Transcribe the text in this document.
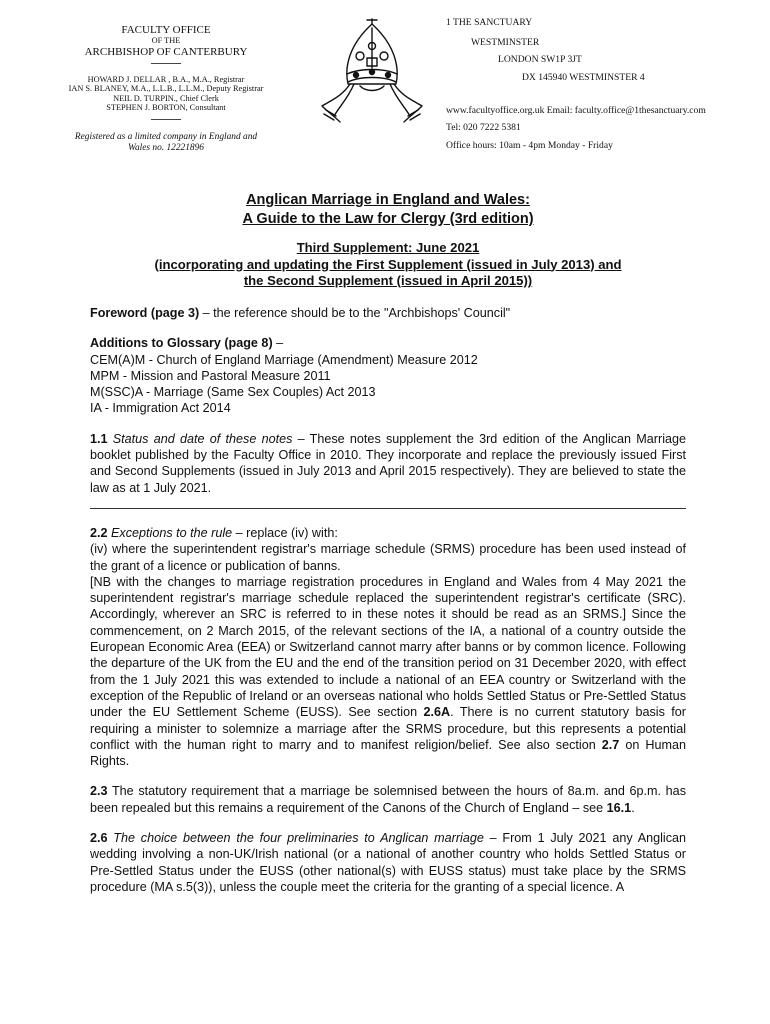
FACULTY OFFICE
OF THE
ARCHBISHOP OF CANTERBURY
HOWARD J. DELLAR , B.A., M.A., Registrar
IAN S. BLANEY, M.A., L.L.B., L.L.M., Deputy Registrar
NEIL D. TURPIN., Chief Clerk
STEPHEN J. BORTON, Consultant
Registered as a limited company in England and
Wales no. 12221896
1 THE SANCTUARY
WESTMINSTER
LONDON SW1P 3JT
DX 145940 WESTMINSTER 4
www.facultyoffice.org.uk Email: faculty.office@1thesanctuary.com
Tel: 020 7222 5381
Office hours: 10am - 4pm Monday - Friday
Anglican Marriage in England and Wales:
A Guide to the Law for Clergy (3rd edition)
Third Supplement: June 2021
(incorporating and updating the First Supplement (issued in July 2013) and
the Second Supplement (issued in April 2015))

Foreword (page 3) – the reference should be to the "Archbishops' Council"

Additions to Glossary (page 8) –

CEM(A)M - Church of England Marriage (Amendment) Measure 2012

MPM - Mission and Pastoral Measure 2011

M(SSC)A - Marriage (Same Sex Couples) Act 2013

IA - Immigration Act 2014

1.1 Status and date of these notes – These notes supplement the 3rd edition of the Anglican Marriage booklet published by the Faculty Office in 2010. They incorporate and replace the previously issued First and Second Supplements (issued in July 2013 and April 2015 respectively). They are believed to state the law as at 1 July 2021.

2.2 Exceptions to the rule – replace (iv) with:

(iv) where the superintendent registrar's marriage schedule (SRMS) procedure has been used instead of the grant of a licence or publication of banns.

[NB with the changes to marriage registration procedures in England and Wales from 4 May 2021 the superintendent registrar's marriage schedule replaced the superintendent registrar's certificate (SRC). Accordingly, wherever an SRC is referred to in these notes it should be read as an SRMS.] Since the commencement, on 2 March 2015, of the relevant sections of the IA, a national of a country outside the European Economic Area (EEA) or Switzerland cannot marry after banns or by common licence. Following the departure of the UK from the EU and the end of the transition period on 31 December 2020, with effect from the 1 July 2021 this was extended to include a national of an EEA country or Switzerland with the exception of the Republic of Ireland or an overseas national who holds Settled Status or Pre-Settled Status under the EU Settlement Scheme (EUSS). See section 2.6A. There is no current statutory basis for requiring a minister to solemnize a marriage after the SRMS procedure, but this represents a potential conflict with the human right to marry and to manifest religion/belief. See also section 2.7 on Human Rights.

2.3 The statutory requirement that a marriage be solemnised between the hours of 8a.m. and 6p.m. has been repealed but this remains a requirement of the Canons of the Church of England – see 16.1.

2.6 The choice between the four preliminaries to Anglican marriage – From 1 July 2021 any Anglican wedding involving a non-UK/Irish national (or a national of another country who holds Settled Status or Pre-Settled Status under the EUSS (other national(s) with EUSS status) must take place by the SRMS procedure (MA s.5(3)), unless the couple meet the criteria for the granting of a special licence. A
